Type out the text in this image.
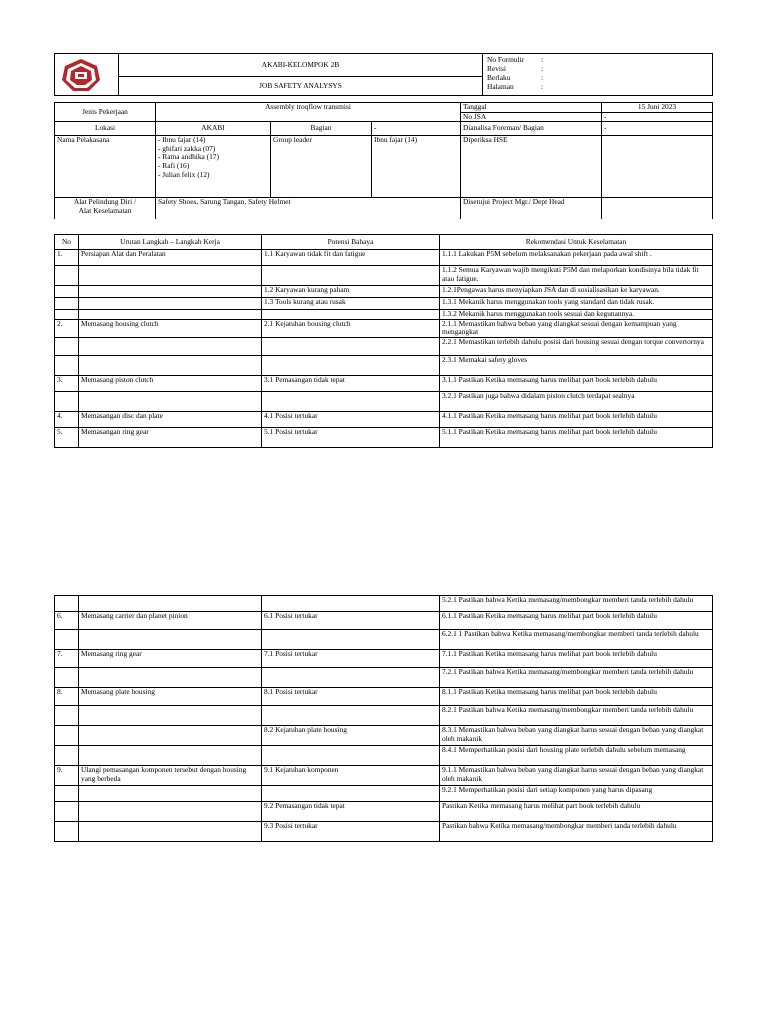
	AKABI-KELOMPOK 2B	
No Formulir :
Revisi	:
Berlaku	:
Halaman	:

JOB SAFETY ANALYSYS
Jenis Pekerjaan	Assembly troqflow transmisi			Tanggal	15 Juni 2023
				No JSA	-
Lokasi	AKABI	Bagian	-	Dianalisa Foreman/ Bagian	-
Nama Pelakasana	- Ibnu fajar (14)
- ghifari zakka (07)
- Rama andhika (17)
- Rafi (16)
- Julian felix (12)	Group leader	Ibnu fajar (14)	Diperiksa HSE	

Alat Pelindung Diri /
Alat Keselamatan	Safety Shoes, Sarung Tangan, Safety Helmet			Disetujui Project Mgr./ Dept Head	
No	Urutan Langkah – Langkah Kerja	Potensi Bahaya	Rekomendasi Untuk Keselamatan
1.	Persiapan Alat dan Peralatan	1.1 Karyawan tidak fit dan fatigue	1.1.1 Lakukan P5M sebelum melaksanakan pekerjaan pada awal shift .
			1.1.2 Semua Karyawan wajib mengikuti P5M dan melaporkan kondisinya bila tidak fit atau fatigue.
		1.2 Karyawan kurang paham	1.2.1Pengawas harus menyiapkan JSA dan di sosialisasikan ke karyawan.
		1.3 Tools kurang atau rusak	1.3.1 Mekanik harus menggunakan tools yang standard dan tidak rusak.
			1.3.2 Mekanik harus menggunakan tools sesuai dan kegunannya.
2.	Memasang housing clutch	2.1 Kejatuhan housing clutch	2.1.1 Memastikan bahwa beban yang diangkat sesuai dengan kemampuan yang mengangkat
			2.2.1 Memastikan terlebih dahulu posisi dari housing sesuai dengan torque convertornya
			2.3.1 Memakai safety gloves
3.	Memasang piston clutch	3.1 Pemasangan tidak tepat	3.1.1 Pastikan Ketika memasang harus melihat part book terlebih dahulu
			3.2.1 Pastikan juga bahwa didalam piston clutch terdapat sealnya
4.	Memasangan disc dan plate	4.1 Posisi tertukar	4.1.1 Pastikan Ketika memasang harus melihat part book terlebih dahulu
5.	Memasangan ring gear	5.1 Posisi tertukar	5.1.1 Pastikan Ketika memasang harus melihat part book terlebih dahulu
			5.2.1 Pastikan bahwa Ketika memasang/membongkar memberi tanda terlebih dahulu
6.	Memasang carrier dan planet pinion	6.1 Posisi tertukar	6.1.1 Pastikan Ketika memasang harus melihat part book terlebih dahulu
			6.2.1 1 Pastikan bahwa Ketika memasang/membongkar memberi tanda terlebih dahulu
7.	Memasang ring gear	7.1 Posisi tertukar	7.1.1 Pastikan Ketika memasang harus melihat part book terlebih dahulu
			7.2.1 Pastikan bahwa Ketika memasang/membongkar memberi tanda terlebih dahulu
8.	Memasang plate housing	8.1 Posisi tertukar	8.1.1 Pastikan Ketika memasang harus melihat part book terlebih dahulu
			8.2.1 Pastikan bahwa Ketika memasang/membongkar memberi tanda terlebih dahulu
		8.2 Kejatuhan plate housing	8.3.1 Memastikan bahwa beban yang diangkat harus sesuai dengan beban yang diangkat oleh makanik
			8.4.1 Memperhatikan posisi dari housing plate terlebih dahulu sebelum memasang
9.	Ulangi pemasangan komponen tersebut dengan housing yang berbeda	9.1 Kejatuhan komponen	9.1.1 Memastikan bahwa beban yang diangkat harus sesuai dengan beban yang diangkat oleh makanik
			9.2.1 Memperhatikan posisi dari setiap komponen yang harus dipasang
		9.2 Pemasangan tidak tepat	Pastikan Ketika memasang harus melihat part book terlebih dahulu
		9.3 Posisi tertukar	Pastikan bahwa Ketika memasang/membongkar memberi tanda terlebih dahulu
